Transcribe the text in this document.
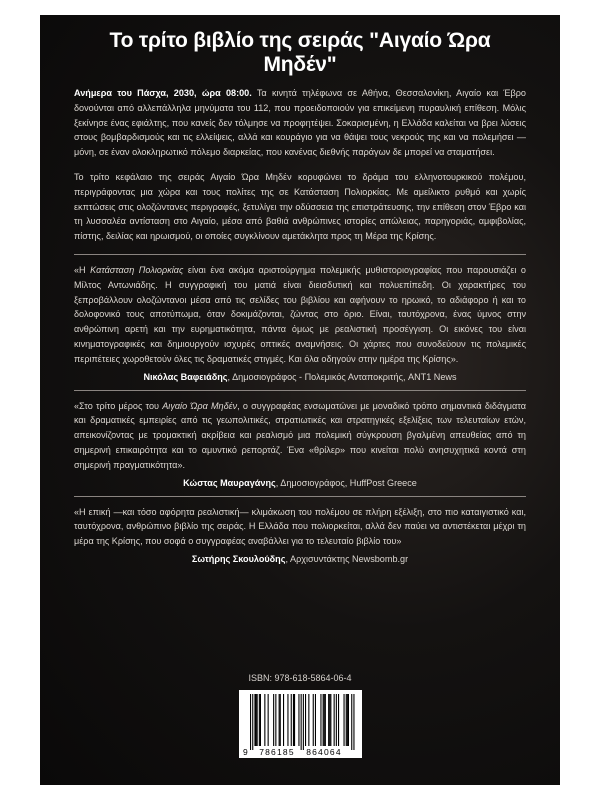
Το τρίτο βιβλίο της σειράς "Αιγαίο Ώρα Μηδέν"

Ανήμερα του Πάσχα, 2030, ώρα 08:00. Τα κινητά τηλέφωνα σε Αθήνα, Θεσσαλονίκη, Αιγαίο και Έβρο δονούνται από αλλεπάλληλα μηνύματα του 112, που προειδοποιούν για επικείμενη πυραυλική επίθεση. Μόλις ξεκίνησε ένας εφιάλτης, που κανείς δεν τόλμησε να προφητέψει. Σοκαρισμένη, η Ελλάδα καλείται να βρει λύσεις στους βομβαρδισμούς και τις ελλείψεις, αλλά και κουράγιο για να θάψει τους νεκρούς της και να πολεμήσει —μόνη, σε έναν ολοκληρωτικό πόλεμο διαρκείας, που κανένας διεθνής παράγων δε μπορεί να σταματήσει.

Το τρίτο κεφάλαιο της σειράς Αιγαίο Ώρα Μηδέν κορυφώνει το δράμα του ελληνοτουρκικού πολέμου, περιγράφοντας μια χώρα και τους πολίτες της σε Κατάσταση Πολιορκίας. Με αμείλικτο ρυθμό και χωρίς εκπτώσεις στις ολοζώντανες περιγραφές, ξετυλίγει την οδύσσεια της επιστράτευσης, την επίθεση στον Έβρο και τη λυσσαλέα αντίσταση στο Αιγαίο, μέσα από βαθιά ανθρώπινες ιστορίες απώλειας, παρηγοριάς, αμφιβολίας, πίστης, δειλίας και ηρωισμού, οι οποίες συγκλίνουν αμετάκλητα προς τη Μέρα της Κρίσης.

«Η Κατάσταση Πολιορκίας είναι ένα ακόμα αριστούργημα πολεμικής μυθιστοριογραφίας που παρουσιάζει ο Μίλτος Αντωνιάδης. Η συγγραφική του ματιά είναι διεισδυτική και πολυεπίπεδη. Οι χαρακτήρες του ξεπροβάλλουν ολοζώντανοι μέσα από τις σελίδες του βιβλίου και αφήνουν το ηρωικό, το αδιάφορο ή και το δολοφονικό τους αποτύπωμα, όταν δοκιμάζονται, ζώντας στο όριο. Είναι, ταυτόχρονα, ένας ύμνος στην ανθρώπινη αρετή και την ευρηματικότητα, πάντα όμως με ρεαλιστική προσέγγιση. Οι εικόνες του είναι κινηματογραφικές και δημιουργούν ισχυρές οπτικές αναμνήσεις. Οι χάρτες που συνοδεύουν τις πολεμικές περιπέτειες χωροθετούν όλες τις δραματικές στιγμές. Και όλα οδηγούν στην ημέρα της Κρίσης».

Νικόλας Βαφειάδης, Δημοσιογράφος - Πολεμικός Ανταποκριτής, ANT1 News

«Στο τρίτο μέρος του Αιγαίο Ώρα Μηδέν, ο συγγραφέας ενσωματώνει με μοναδικό τρόπο σημαντικά διδάγματα και δραματικές εμπειρίες από τις γεωπολιτικές, στρατιωτικές και στρατηγικές εξελίξεις των τελευταίων ετών, απεικονίζοντας με τρομακτική ακρίβεια και ρεαλισμό μια πολεμική σύγκρουση βγαλμένη απευθείας από τη σημερινή επικαιρότητα και το αμυντικό ρεπορτάζ. Ένα «θρίλερ» που κινείται πολύ ανησυχητικά κοντά στη σημερινή πραγματικότητα».

Κώστας Μαυραγάνης, Δημοσιογράφος, HuffPost Greece

«Η επική —και τόσο αφόρητα ρεαλιστική— κλιμάκωση του πολέμου σε πλήρη εξέλιξη, στο πιο καταιγιστικό και, ταυτόχρονα, ανθρώπινο βιβλίο της σειράς. Η Ελλάδα που πολιορκείται, αλλά δεν παύει να αντιστέκεται μέχρι τη μέρα της Κρίσης, που σοφά ο συγγραφέας αναβάλλει για το τελευταίο βιβλίο του»

Σωτήρης Σκουλούδης, Αρχισυντάκτης Newsbomb.gr

ISBN: 978-618-5864-06-4
9 786185 864064
